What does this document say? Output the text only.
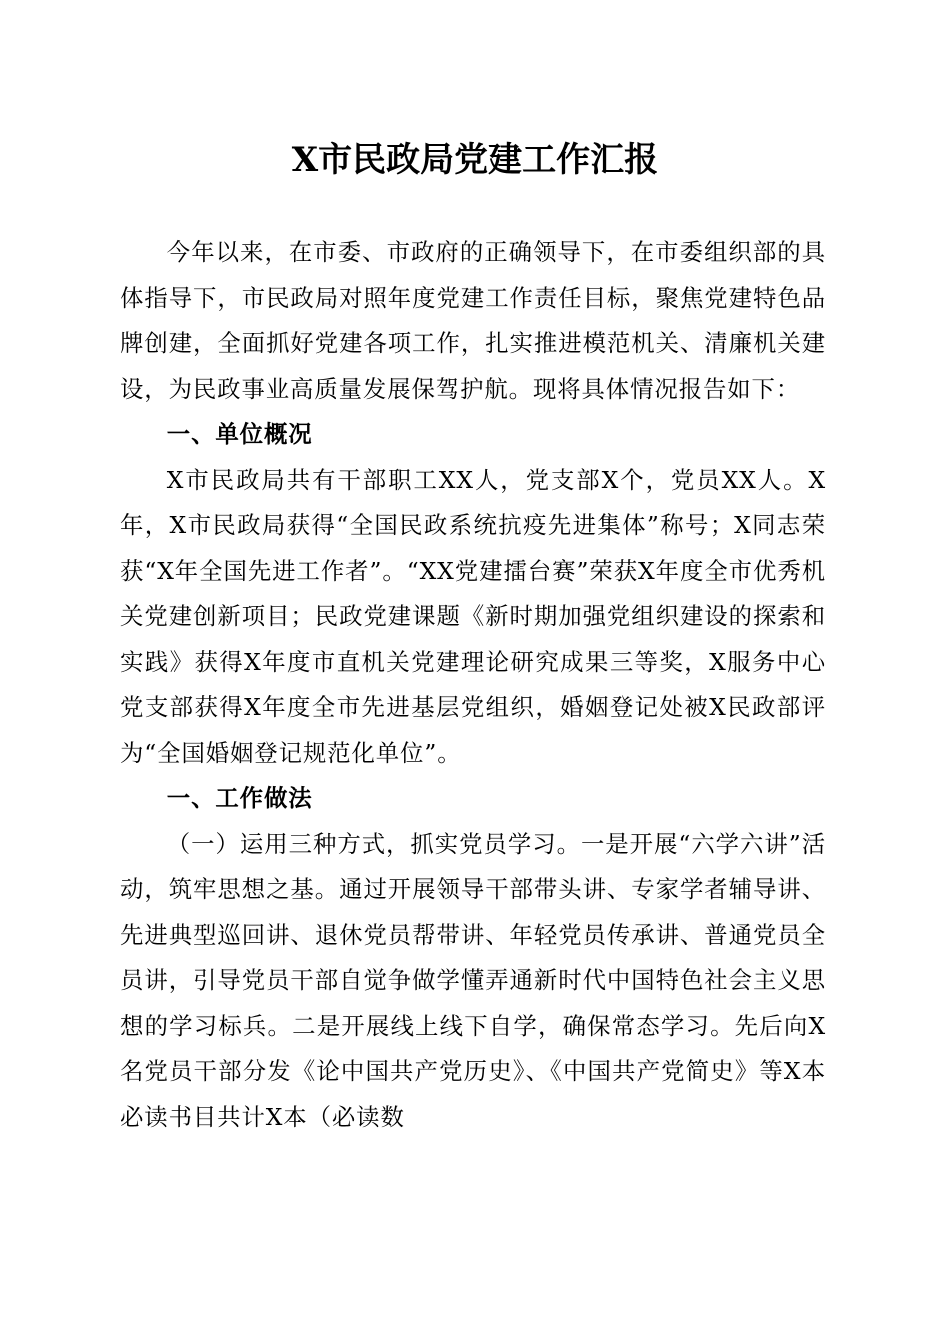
X市民政局党建工作汇报

今年以来，在市委、市政府的正确领导下，在市委组织部的具体指导下，市民政局对照年度党建工作责任目标，聚焦党建特色品牌创建，全面抓好党建各项工作，扎实推进模范机关、清廉机关建设，为民政事业高质量发展保驾护航。现将具体情况报告如下：

一、单位概况

X市民政局共有干部职工XX人，党支部X个，党员XX人。X年，X市民政局获得“全国民政系统抗疫先进集体”称号；X同志荣获“X年全国先进工作者”。“XX党建擂台赛”荣获X年度全市优秀机关党建创新项目；民政党建课题《新时期加强党组织建设的探索和实践》获得X年度市直机关党建理论研究成果三等奖，X服务中心党支部获得X年度全市先进基层党组织，婚姻登记处被X民政部评为“全国婚姻登记规范化单位”。

一、工作做法

（一）运用三种方式，抓实党员学习。一是开展“六学六讲”活动，筑牢思想之基。通过开展领导干部带头讲、专家学者辅导讲、先进典型巡回讲、退休党员帮带讲、年轻党员传承讲、普通党员全员讲，引导党员干部自觉争做学懂弄通新时代中国特色社会主义思想的学习标兵。二是开展线上线下自学，确保常态学习。先后向X名党员干部分发《论中国共产党历史》、《中国共产党简史》等X本必读书目共计X本（必读数
